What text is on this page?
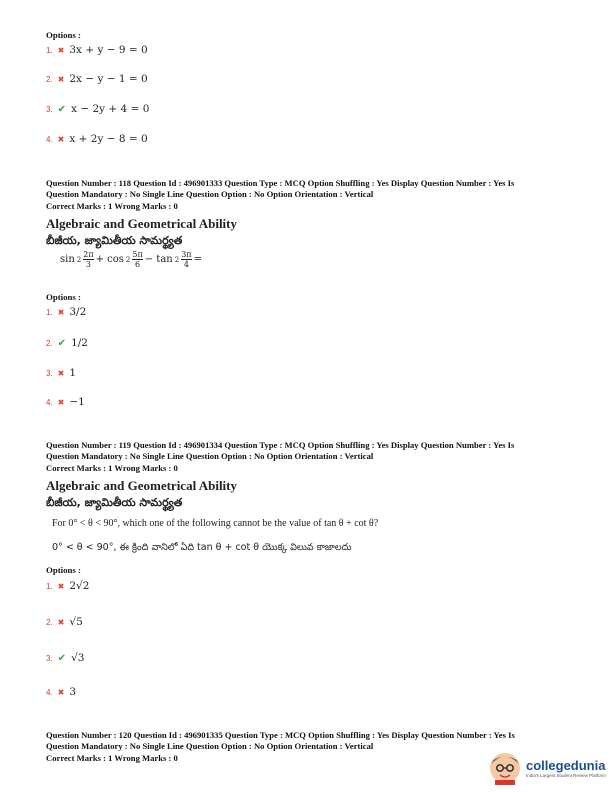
Options :
1. ✖ 3x + y − 9 = 0
2. ✖ 2x − y − 1 = 0
3. ✔ x − 2y + 4 = 0
4. ✖ x + 2y − 8 = 0
Question Number : 118 Question Id : 496901333 Question Type : MCQ Option Shuffling : Yes Display Question Number : Yes Is
Question Mandatory : No Single Line Question Option : No Option Orientation : Vertical
Correct Marks : 1 Wrong Marks : 0
Algebraic and Geometrical Ability
బీజీయ, జ్యామితీయ సామర్థ్యత
$\sin 2 \frac{2\pi}{3} + \cos 2 \frac{5\pi}{6} - \tan 2 \frac{3\pi}{4}$ =
Options :
1. ✖ 3/2
2. ✔ 1/2
3. ✖ 1
4. ✖ −1
Question Number : 119 Question Id : 496901334 Question Type : MCQ Option Shuffling : Yes Display Question Number : Yes Is
Question Mandatory : No Single Line Question Option : No Option Orientation : Vertical
Correct Marks : 1 Wrong Marks : 0
Algebraic and Geometrical Ability
బీజీయ, జ్యామితీయ సామర్థ్యత
For 0° < θ < 90°, which one of the following cannot be the value of tan θ + cot θ?
0° < θ < 90°, ఈ క్రింది వానిలో ఏది tan θ + cot θ యొక్క విలువ కాజాలదు
Options :
1. ✖ 2√2
2. ✖ √5
3. ✔ √3
4. ✖ 3
Question Number : 120 Question Id : 496901335 Question Type : MCQ Option Shuffling : Yes Display Question Number : Yes Is
Question Mandatory : No Single Line Question Option : No Option Orientation : Vertical
Correct Marks : 1 Wrong Marks : 0	collegedunia
India's Largest Student Review Platform
